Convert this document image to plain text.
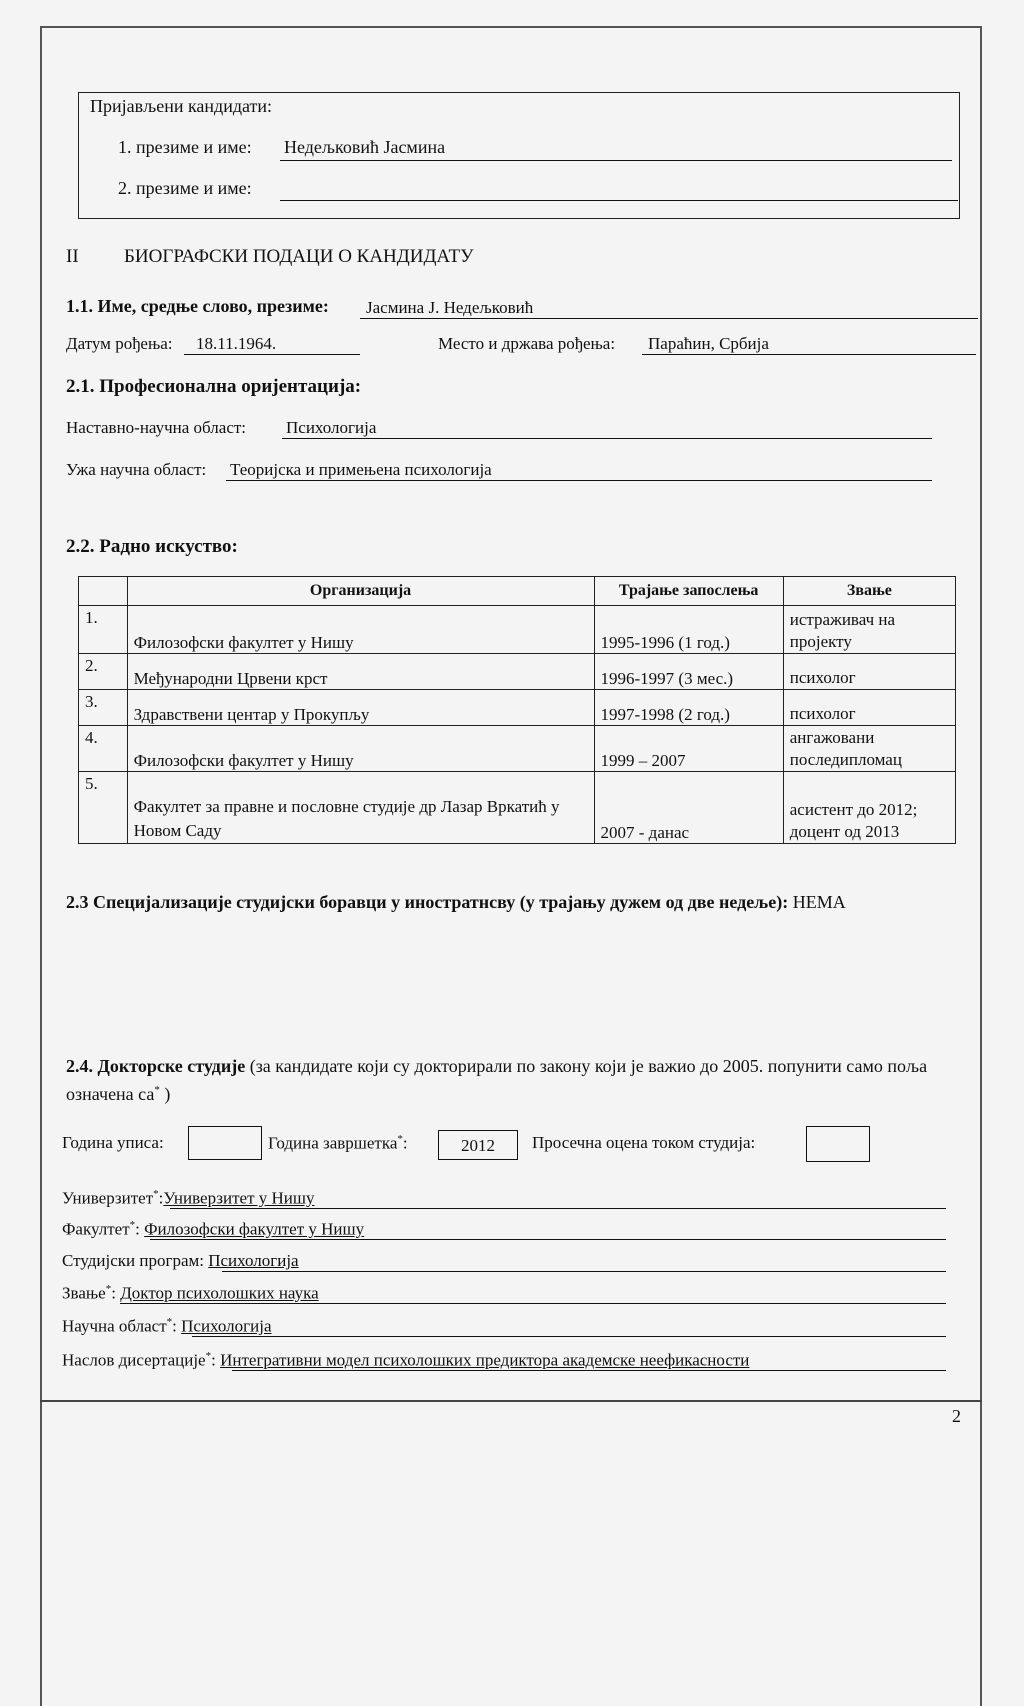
Пријављени кандидати:
1. презиме и име: Недељковић Јасмина
2. презиме и име:
II БИОГРАФСКИ ПОДАЦИ О КАНДИДАТУ
1.1. Име, средње слово, презиме: Јасмина Ј. Недељковић
Датум рођења: 18.11.1964.	Место и држава рођења: Параћин, Србија
2.1. Професионална оријентација:
Наставно-научна област: Психологија
Ужа научна област: Теоријска и примењена психологија
2.2. Радно искуство:
	Организација	Трајање запослења	Звање
1.	Филозофски факултет у Нишу	1995-1996 (1 год.)	истраживач на пројекту
2.	Међународни Црвени крст	1996-1997 (3 мес.)	психолог
3.	Здравствени центар у Прокупљу	1997-1998 (2 год.)	психолог
4.	Филозофски факултет у Нишу	1999 – 2007	ангажовани последипломац
5.	Факултет за правне и пословне студије др Лазар Вркатић у Новом Саду	2007 - данас	асистент до 2012; доцент од 2013
2.3 Специјализације студијски боравци у иностратнсву (у трајању дужем од две недеље): НЕМА
2.4. Докторске студије (за кандидате који су докторирали по закону који је важио до 2005. попунити само поља означена са* )
Година уписа:	Година завршетка*:	2012	Просечна оцена током студија:
Универзитет*:Универзитет у Нишу
Факултет*: Филозофски факултет у Нишу
Студијски програм: Психологија
Звање*: Доктор психолошких наука
Научна област*: Психологија
Наслов дисертације*: Интегративни модел психолошких предиктора академске неефикасности
2
